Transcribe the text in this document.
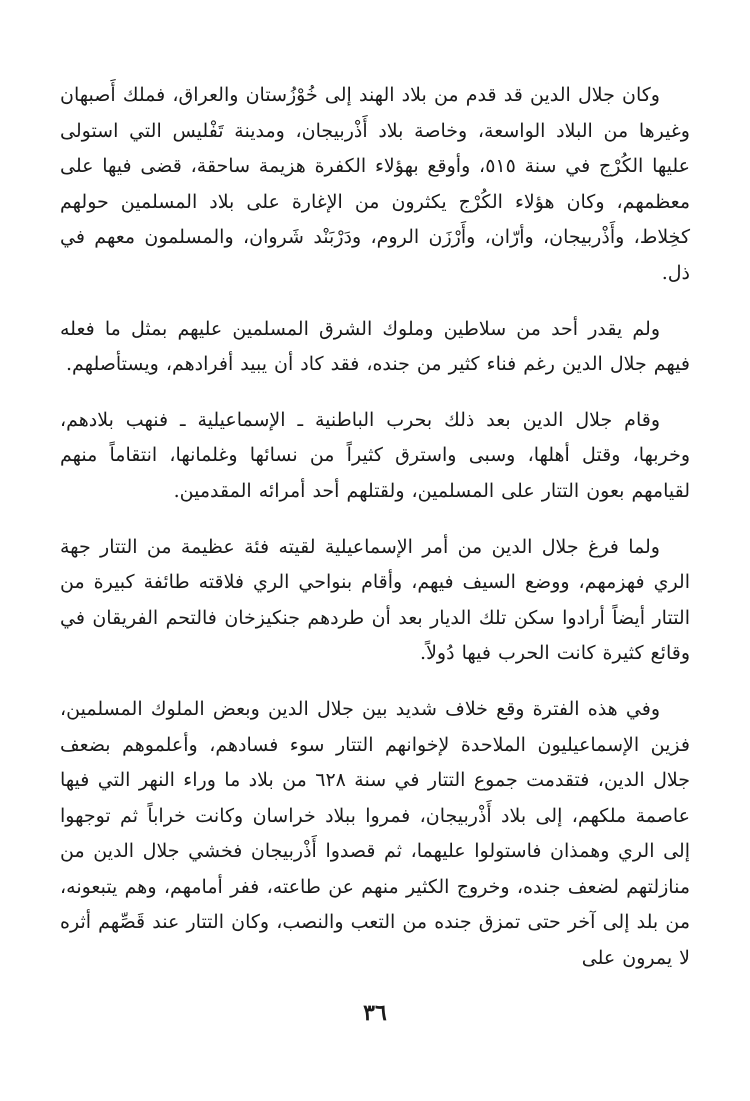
وكان جلال الدين قد قدم من بلاد الهند إلى خُوْزُستان والعراق، فملك أَصبهان وغيرها من البلاد الواسعة، وخاصة بلاد أَذْربيجان، ومدينة تَفْليس التي استولى عليها الكُرْج في سنة ٥١٥، وأوقع بهؤلاء الكفرة هزيمة ساحقة، قضى فيها على معظمهم، وكان هؤلاء الكُرْج يكثرون من الإغارة على بلاد المسلمين حولهم كخِلاط، وأَذْربيجان، وأرّان، وأَرْزَن الروم، ودَرْبَنْد شَروان، والمسلمون معهم في ذل.

ولم يقدر أحد من سلاطين وملوك الشرق المسلمين عليهم بمثل ما فعله فيهم جلال الدين رغم فناء كثير من جنده، فقد كاد أن يبيد أفرادهم، ويستأصلهم.

وقام جلال الدين بعد ذلك بحرب الباطنية ـ الإسماعيلية ـ فنهب بلادهم، وخربها، وقتل أهلها، وسبى واسترق كثيراً من نسائها وغلمانها، انتقاماً منهم لقيامهم بعون التتار على المسلمين، ولقتلهم أحد أمرائه المقدمين.

ولما فرغ جلال الدين من أمر الإسماعيلية لقيته فئة عظيمة من التتار جهة الري فهزمهم، ووضع السيف فيهم، وأقام بنواحي الري فلاقته طائفة كبيرة من التتار أيضاً أرادوا سكن تلك الديار بعد أن طردهم جنكيزخان فالتحم الفريقان في وقائع كثيرة كانت الحرب فيها دُولاً.

وفي هذه الفترة وقع خلاف شديد بين جلال الدين وبعض الملوك المسلمين، فزين الإسماعيليون الملاحدة لإخوانهم التتار سوء فسادهم، وأعلموهم بضعف جلال الدين، فتقدمت جموع التتار في سنة ٦٢٨ من بلاد ما وراء النهر التي فيها عاصمة ملكهم، إلى بلاد أَذْربيجان، فمروا ببلاد خراسان وكانت خراباً ثم توجهوا إلى الري وهمذان فاستولوا عليهما، ثم قصدوا أَذْربيجان فخشي جلال الدين من منازلتهم لضعف جنده، وخروج الكثير منهم عن طاعته، ففر أمامهم، وهم يتبعونه، من بلد إلى آخر حتى تمزق جنده من التعب والنصب، وكان التتار عند قَصِّهم أثره لا يمرون على

٣٦
